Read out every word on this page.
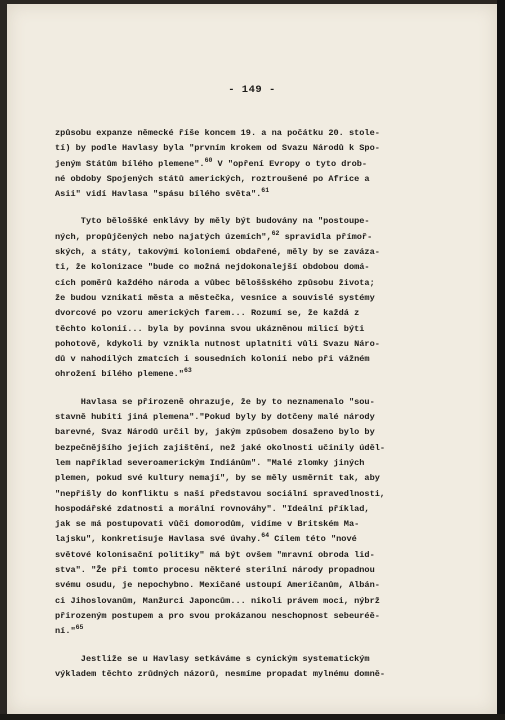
- 149 -
způsobu expanze německé říše koncem 19. a na počátku 20. stole-
tí) by podle Havlasy byla "prvním krokem od Svazu Národů k Spo-
jeným Státům bílého plemene".$^{60}$ V "opření Evropy o tyto drob-
né obdoby Spojených států amerických, roztroušené po Africe a
Asii" vidí Havlasa "spásu bílého světa".$^{61}$
Tyto běloššké enklávy by měly být budovány na "postoupe-
ných, propůjčených nebo najatých územích",$^{62}$ spravidla přímoř-
ských, a státy, takovými koloniemi obdařené, měly by se zaváza-
ti, že kolonizace "bude co možná nejdokonalejší obdobou domá-
cích poměrů každého národa a vůbec běloššského způsobu života;
že budou vznikati města a městečka, vesnice a souvislé systémy
dvorcové po vzoru amerických farem... Rozumí se, že každá z
těchto kolonií... byla by povinna svou ukázněnou milicí býti
pohotově, kdykoli by vznikla nutnost uplatniti vůli Svazu Náro-
dů v nahodilých zmatcích i sousedních kolonií nebo při vážném
ohrožení bílého plemene."$^{63}$
Havlasa se přirozeně ohrazuje, že by to neznamenalo "sou-
stavně hubiti jiná plemena"."Pokud byly by dotčeny malé národy
barevné, Svaz Národů určil by, jakým způsobem dosaženo bylo by
bezpečnějšího jejich zajištění, než jaké okolnosti učinily úděl-
lem například severoamerickým Indiánům". "Malé zlomky jiných
plemen, pokud své kultury nemají", by se měly usměrnit tak, aby
"nepřišly do konfliktu s naší představou sociální spravedlnosti,
hospodářské zdatnosti a morální rovnováhy". "Ideální příklad,
jak se má postupovati vůči domorodům, vidíme v Britském Ma-
lajsku", konkretisuje Havlasa své úvahy.$^{64}$ Cílem této "nové
světové kolonisační politiky" má být ovšem "mravní obroda lid-
stva". "Že při tomto procesu některé sterilní národy propadnou
svému osudu, je nepochybno. Mexičané ustoupí Američanům, Albán-
ci Jihoslovanům, Manžurci Japoncům... nikoli právem moci, nýbrž
přirozeným postupem a pro svou prokázanou neschopnost sebeuréě-
ní."$^{65}$
Jestliže se u Havlasy setkáváme s cynickým systematickým
výkladem těchto zrůdných názorů, nesmíme propadat mylnému domně-
